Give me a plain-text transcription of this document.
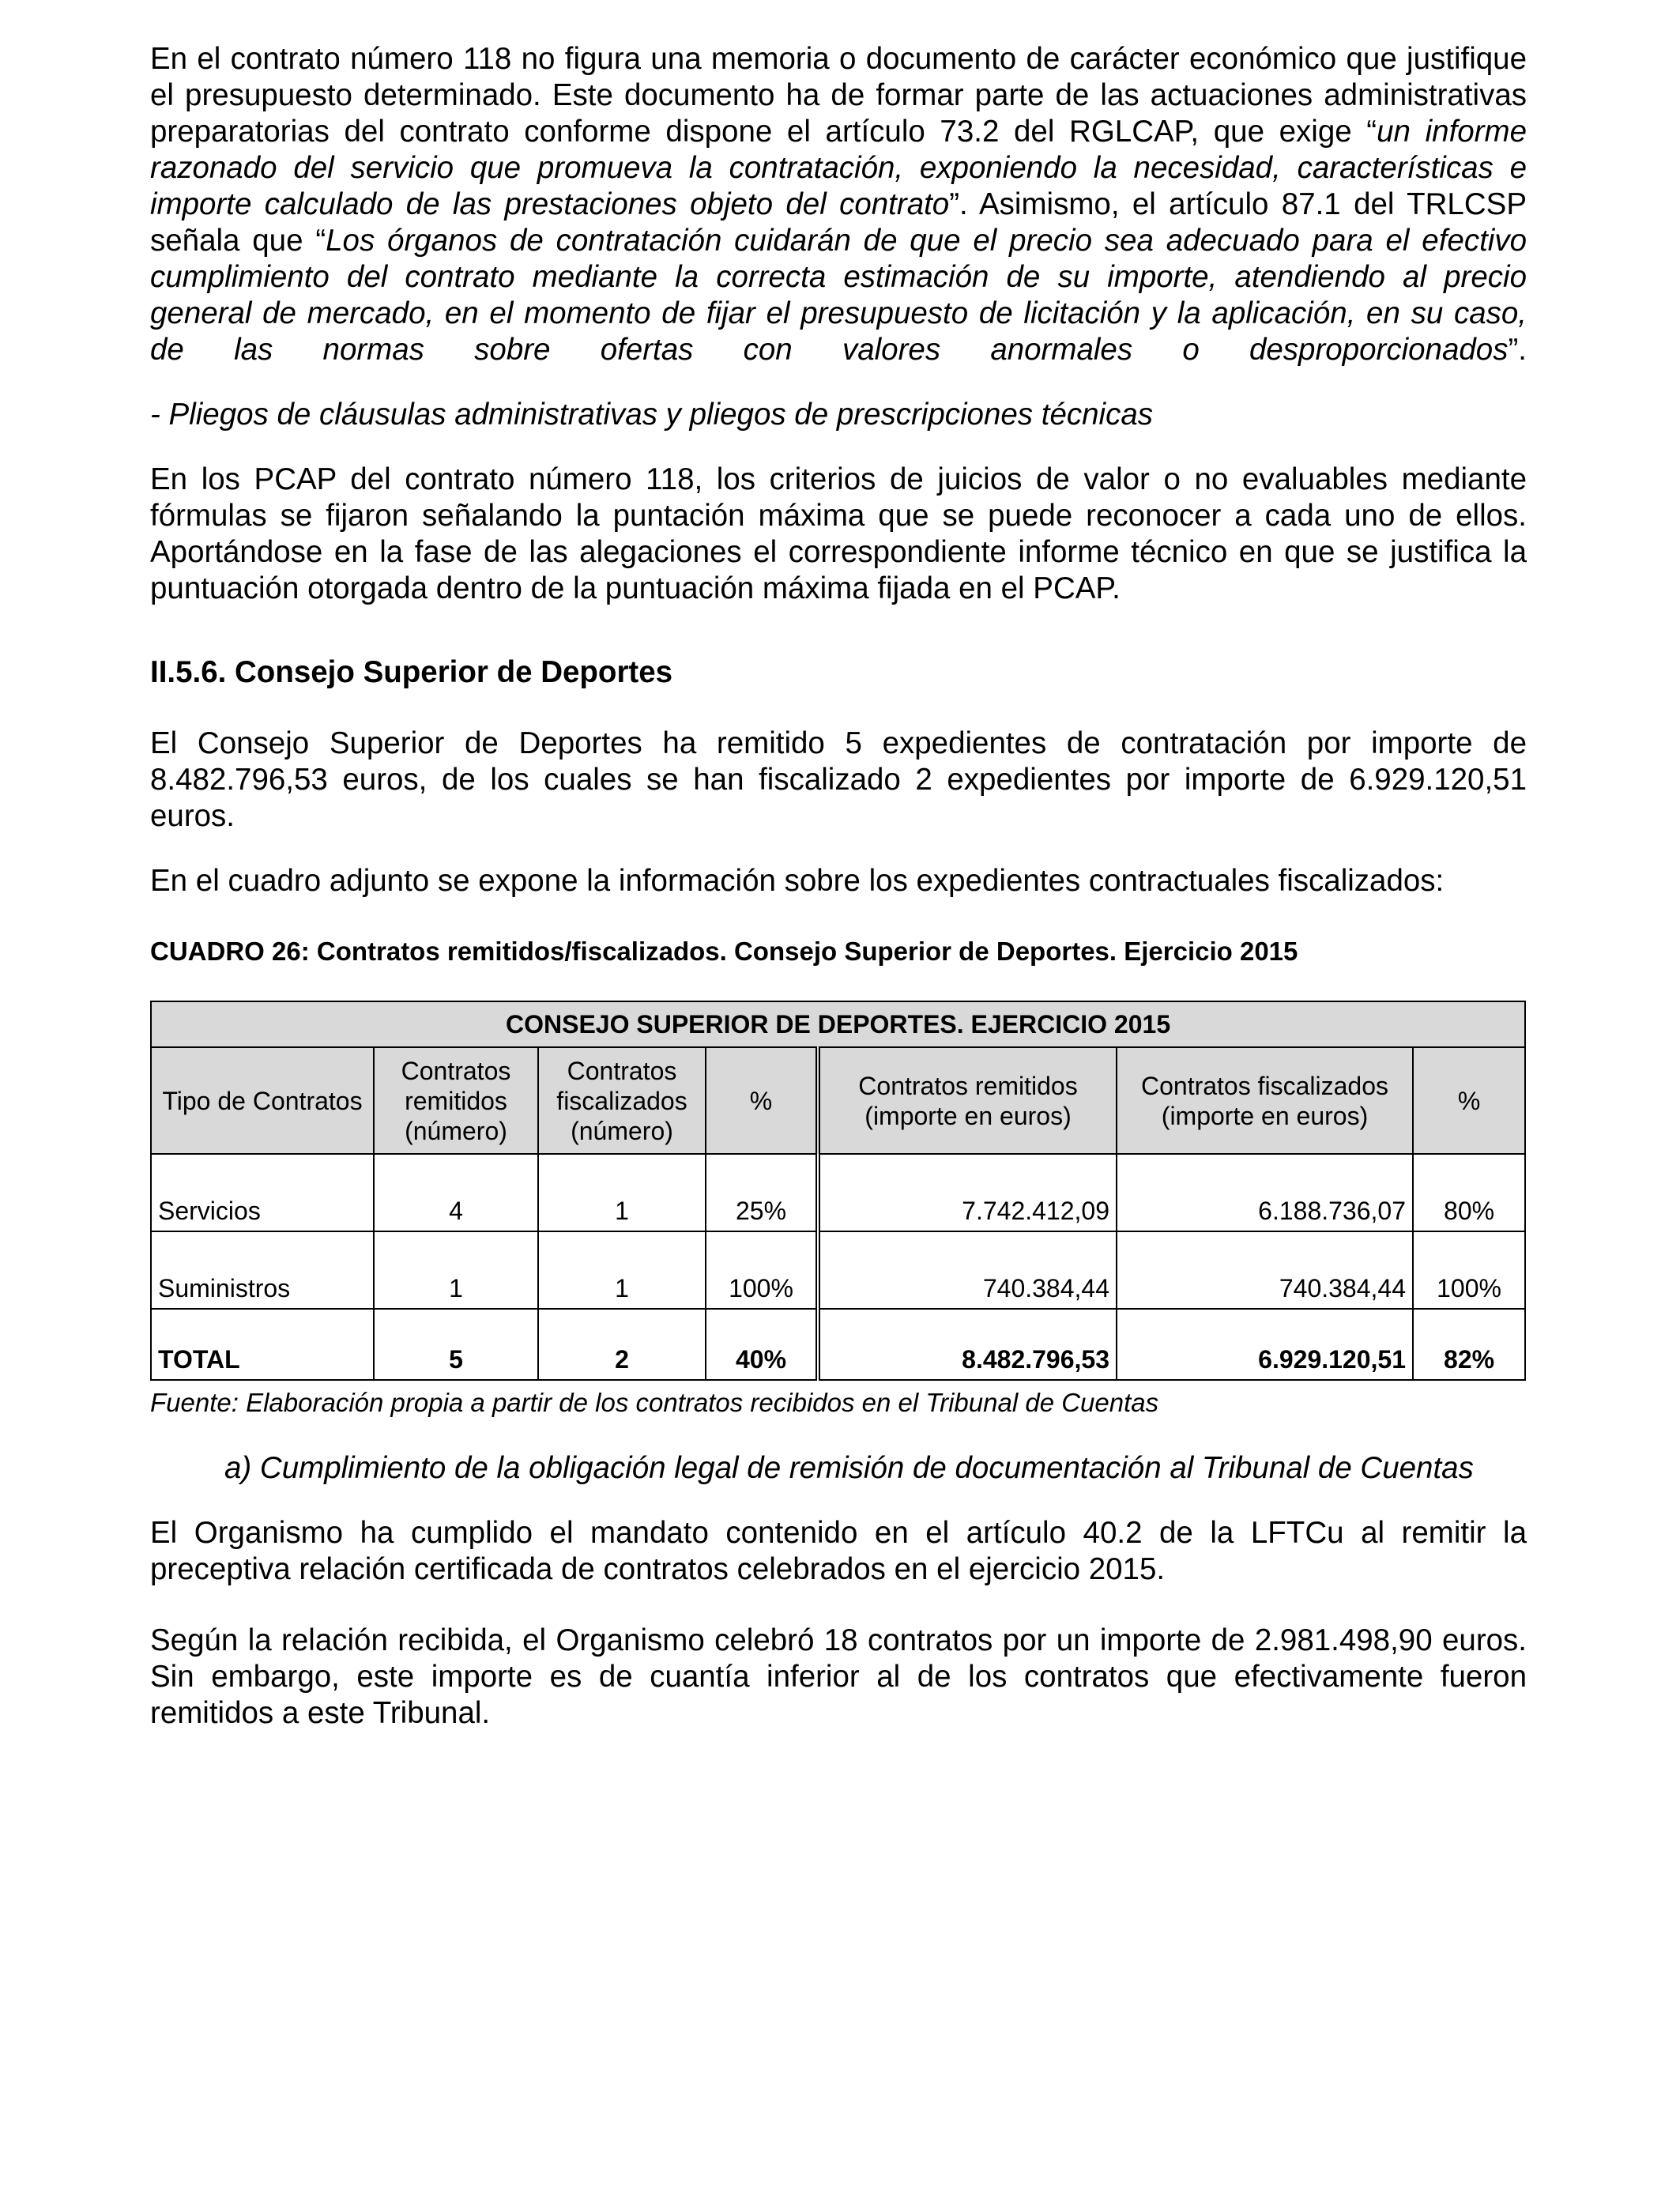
En el contrato número 118 no figura una memoria o documento de carácter económico que justifique el presupuesto determinado. Este documento ha de formar parte de las actuaciones administrativas preparatorias del contrato conforme dispone el artículo 73.2 del RGLCAP, que exige “un informe razonado del servicio que promueva la contratación, exponiendo la necesidad, características e importe calculado de las prestaciones objeto del contrato”. Asimismo, el artículo 87.1 del TRLCSP señala que “Los órganos de contratación cuidarán de que el precio sea adecuado para el efectivo cumplimiento del contrato mediante la correcta estimación de su importe, atendiendo al precio general de mercado, en el momento de fijar el presupuesto de licitación y la aplicación, en su caso, de las normas sobre ofertas con valores anormales o desproporcionados”.

- Pliegos de cláusulas administrativas y pliegos de prescripciones técnicas

En los PCAP del contrato número 118, los criterios de juicios de valor o no evaluables mediante fórmulas se fijaron señalando la puntación máxima que se puede reconocer a cada uno de ellos. Aportándose en la fase de las alegaciones el correspondiente informe técnico en que se justifica la puntuación otorgada dentro de la puntuación máxima fijada en el PCAP.

II.5.6. Consejo Superior de Deportes

El Consejo Superior de Deportes ha remitido 5 expedientes de contratación por importe de 8.482.796,53 euros, de los cuales se han fiscalizado 2 expedientes por importe de 6.929.120,51 euros.

En el cuadro adjunto se expone la información sobre los expedientes contractuales fiscalizados:

CUADRO 26: Contratos remitidos/fiscalizados. Consejo Superior de Deportes. Ejercicio 2015
CONSEJO SUPERIOR DE DEPORTES. EJERCICIO 2015						
Tipo de Contratos	Contratos remitidos (número)	Contratos fiscalizados (número)	%	Contratos remitidos (importe en euros)	Contratos fiscalizados (importe en euros)	%
Servicios	4	1	25%	7.742.412,09	6.188.736,07	80%
Suministros	1	1	100%	740.384,44	740.384,44	100%
TOTAL	5	2	40%	8.482.796,53	6.929.120,51	82%
Fuente: Elaboración propia a partir de los contratos recibidos en el Tribunal de Cuentas
a) Cumplimiento de la obligación legal de remisión de documentación al Tribunal de Cuentas

El Organismo ha cumplido el mandato contenido en el artículo 40.2 de la LFTCu al remitir la preceptiva relación certificada de contratos celebrados en el ejercicio 2015.

Según la relación recibida, el Organismo celebró 18 contratos por un importe de 2.981.498,90 euros. Sin embargo, este importe es de cuantía inferior al de los contratos que efectivamente fueron remitidos a este Tribunal.
